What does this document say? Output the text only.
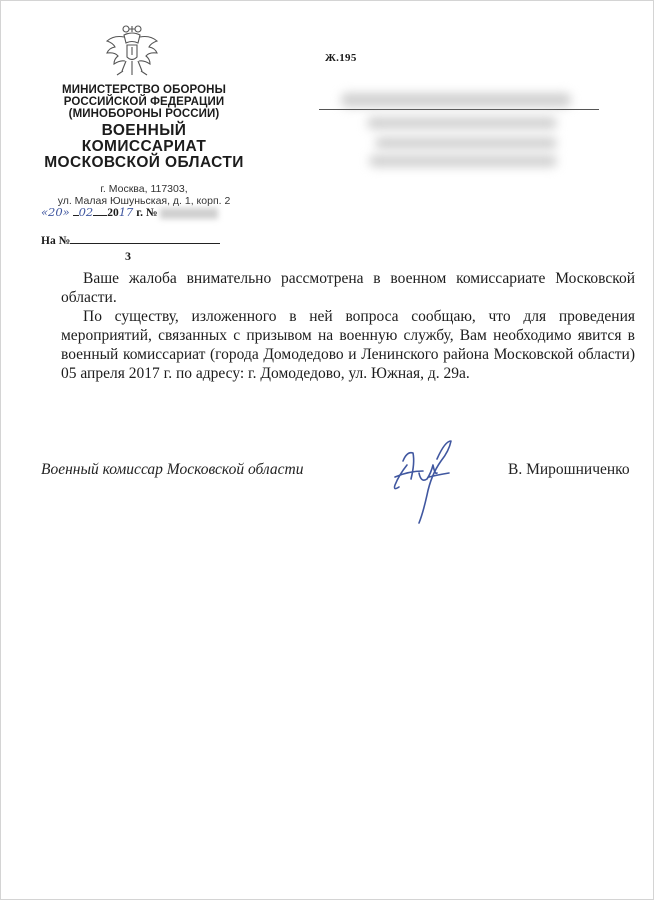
МИНИСТЕРСТВО ОБОРОНЫ
РОССИЙСКОЙ ФЕДЕРАЦИИ
(МИНОБОРОНЫ РОССИИ)
ВОЕННЫЙ КОМИССАРИАТ
МОСКОВСКОЙ ОБЛАСТИ
г. Москва, 117303,
ул. Малая Юшуньская, д. 1, корп. 2
Ж.195
«20» 02 2017 г. №
На №
3

Ваше жалоба внимательно рассмотрена в военном комиссариате Московской области.

По существу, изложенного в ней вопроса сообщаю, что для проведения мероприятий, связанных с призывом на военную службу, Вам необходимо явится в военный комиссариат (города Домодедово и Ленинского района Московской области) 05 апреля 2017 г. по адресу: г. Домодедово, ул. Южная, д. 29а.

Военный комиссар Московской области	В. Мирошниченко
